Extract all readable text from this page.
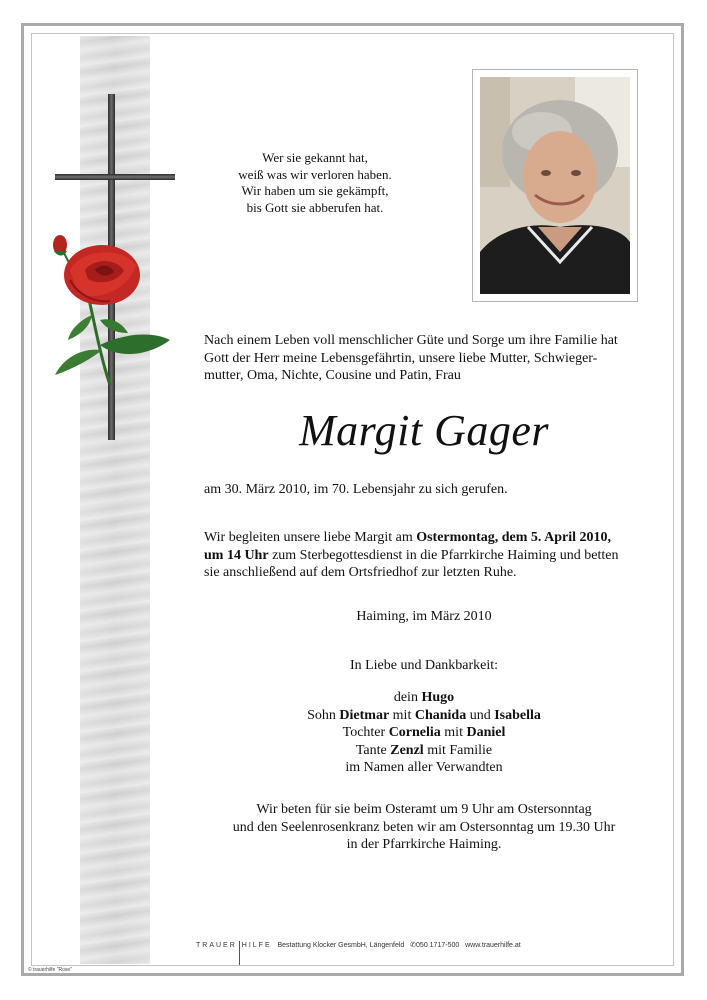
Wer sie gekannt hat,
weiß was wir verloren haben.
Wir haben um sie gekämpft,
bis Gott sie abberufen hat.
Nach einem Leben voll menschlicher Güte und Sorge um ihre Familie hat
Gott der Herr meine Lebensgefährtin, unsere liebe Mutter, Schwieger-
mutter, Oma, Nichte, Cousine und Patin, Frau
Margit Gager
am 30. März 2010, im 70. Lebensjahr zu sich gerufen.
Wir begleiten unsere liebe Margit am Ostermontag, dem 5. April 2010,
um 14 Uhr zum Sterbegottesdienst in die Pfarrkirche Haiming und betten
sie anschließend auf dem Ortsfriedhof zur letzten Ruhe.
Haiming, im März 2010
In Liebe und Dankbarkeit:
dein Hugo
Sohn Dietmar mit Chanida und Isabella
Tochter Cornelia mit Daniel
Tante Zenzl mit Familie
im Namen aller Verwandten
Wir beten für sie beim Osteramt um 9 Uhr am Ostersonntag
und den Seelenrosenkranz beten wir am Ostersonntag um 19.30 Uhr
in der Pfarrkirche Haiming.
TRAUER HILFE Bestattung Klocker GesmbH, Längenfeld ✆050 1717-500 www.trauerhilfe.at
© trauerhilfe "Rose"
